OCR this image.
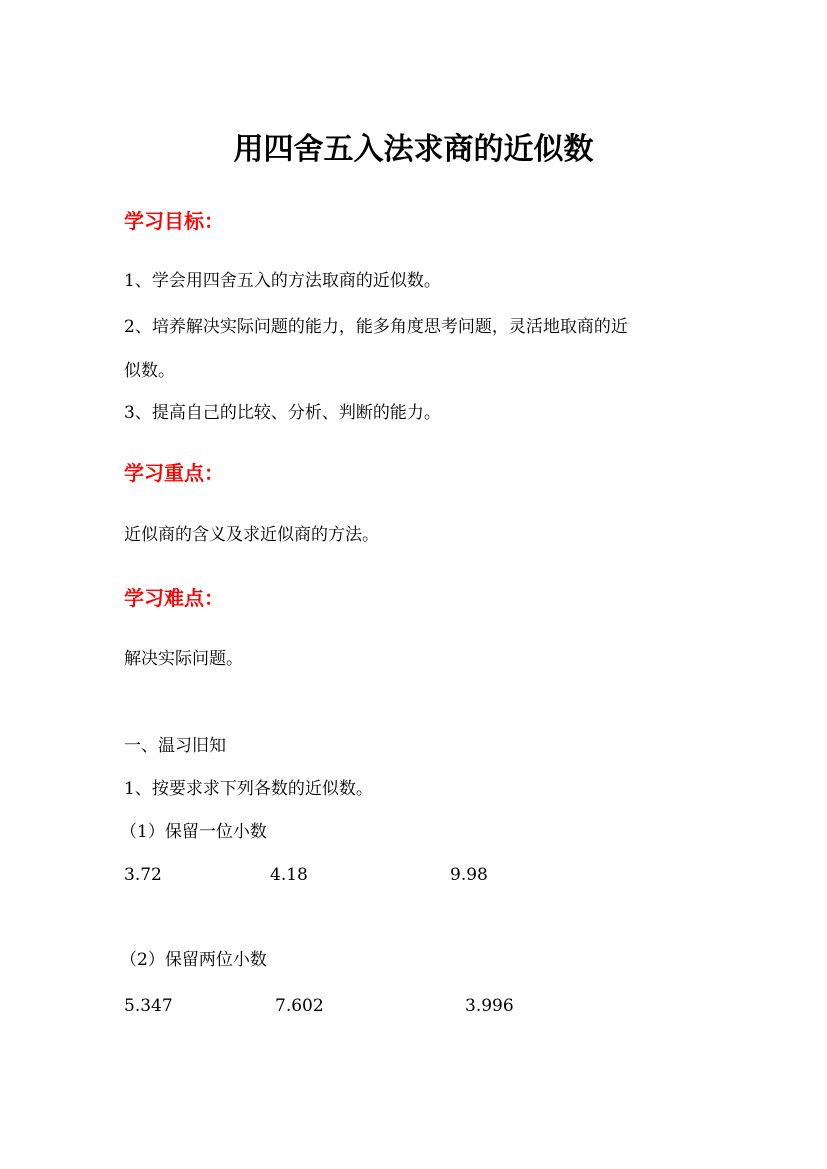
用四舍五入法求商的近似数
学习目标：
1、学会用四舍五入的方法取商的近似数。
2、培养解决实际问题的能力，能多角度思考问题，灵活地取商的近
似数。
3、提高自己的比较、分析、判断的能力。
学习重点：
近似商的含义及求近似商的方法。
学习难点：
解决实际问题。
一、温习旧知
1、按要求求下列各数的近似数。
（1）保留一位小数
3.72	4.18	9.98
（2）保留两位小数
5.347	7.602	3.996
